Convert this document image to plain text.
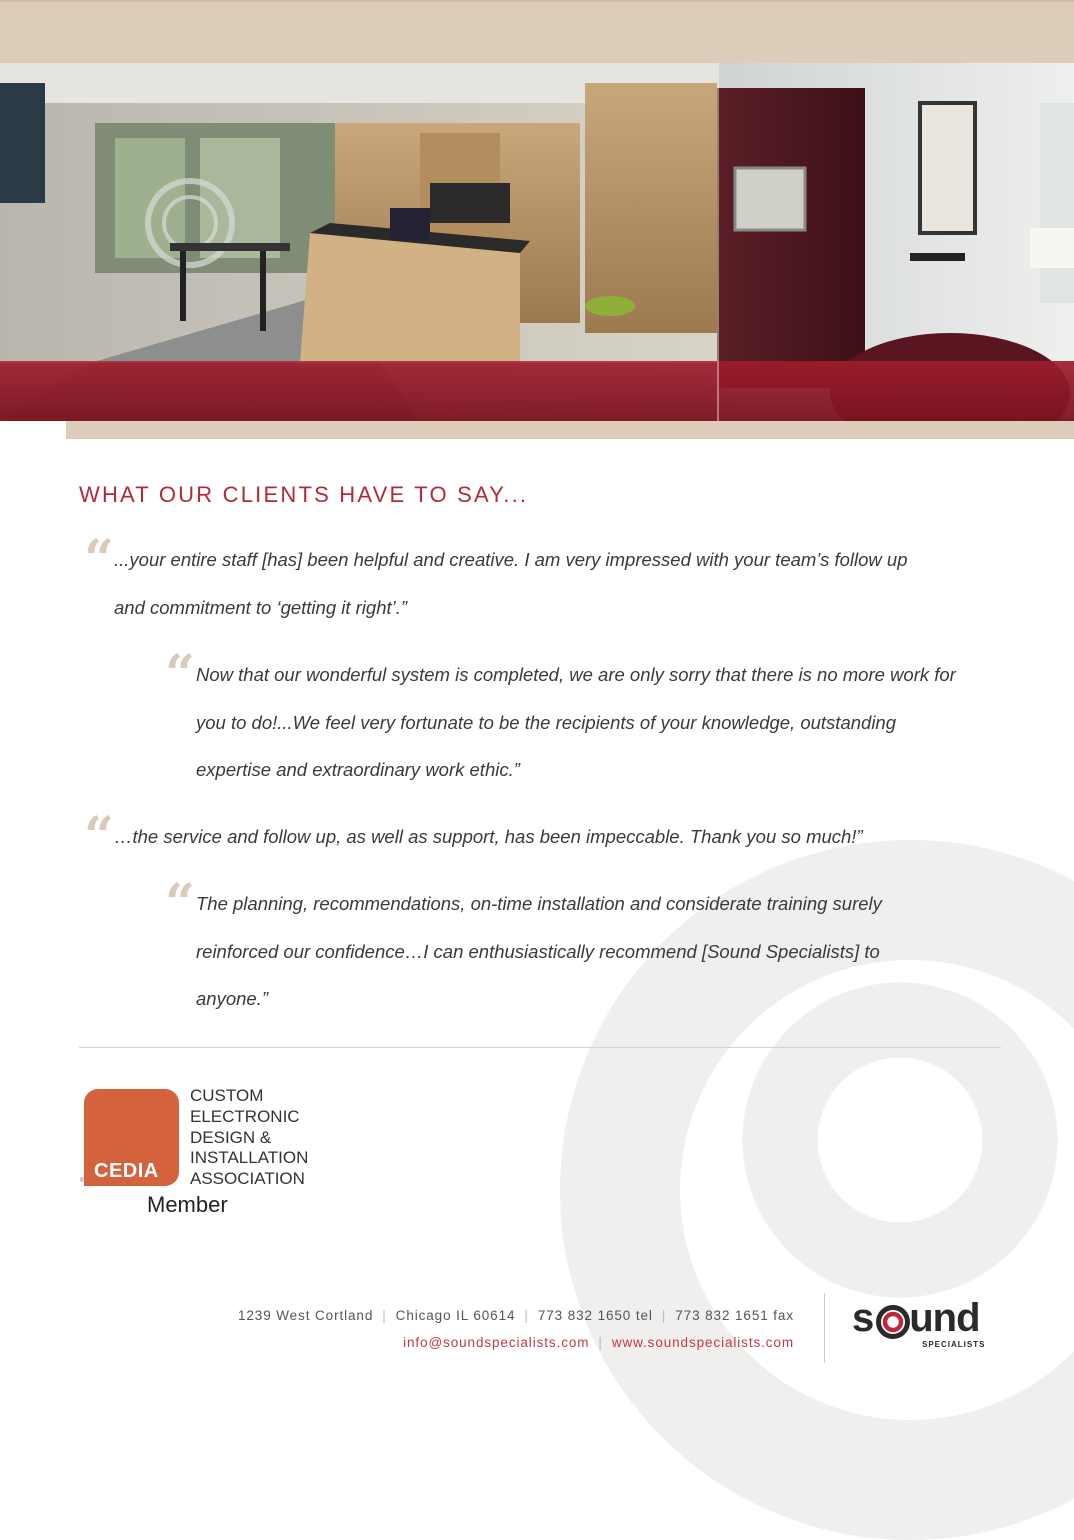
WHAT OUR CLIENTS HAVE TO SAY...
“ ...your entire staff [has] been helpful and creative. I am very impressed with your team’s follow up and commitment to ‘getting it right’.”

“ Now that our wonderful system is completed, we are only sorry that there is no more work for you to do!...We feel very fortunate to be the recipients of your knowledge, outstanding expertise and extraordinary work ethic.”

“ …the service and follow up, as well as support, has been impeccable. Thank you so much!”

“ The planning, recommendations, on-time installation and considerate training surely reinforced our confidence…I can enthusiastically recommend [Sound Specialists] to anyone.”

CEDIA
®
CUSTOM
ELECTRONIC
DESIGN &
INSTALLATION
ASSOCIATION
Member
1239 West Cortland | Chicago IL 60614 | 773 832 1650 tel | 773 832 1651 fax
info@soundspecialists.com | www.soundspecialists.com
s und
SPECIALISTS
